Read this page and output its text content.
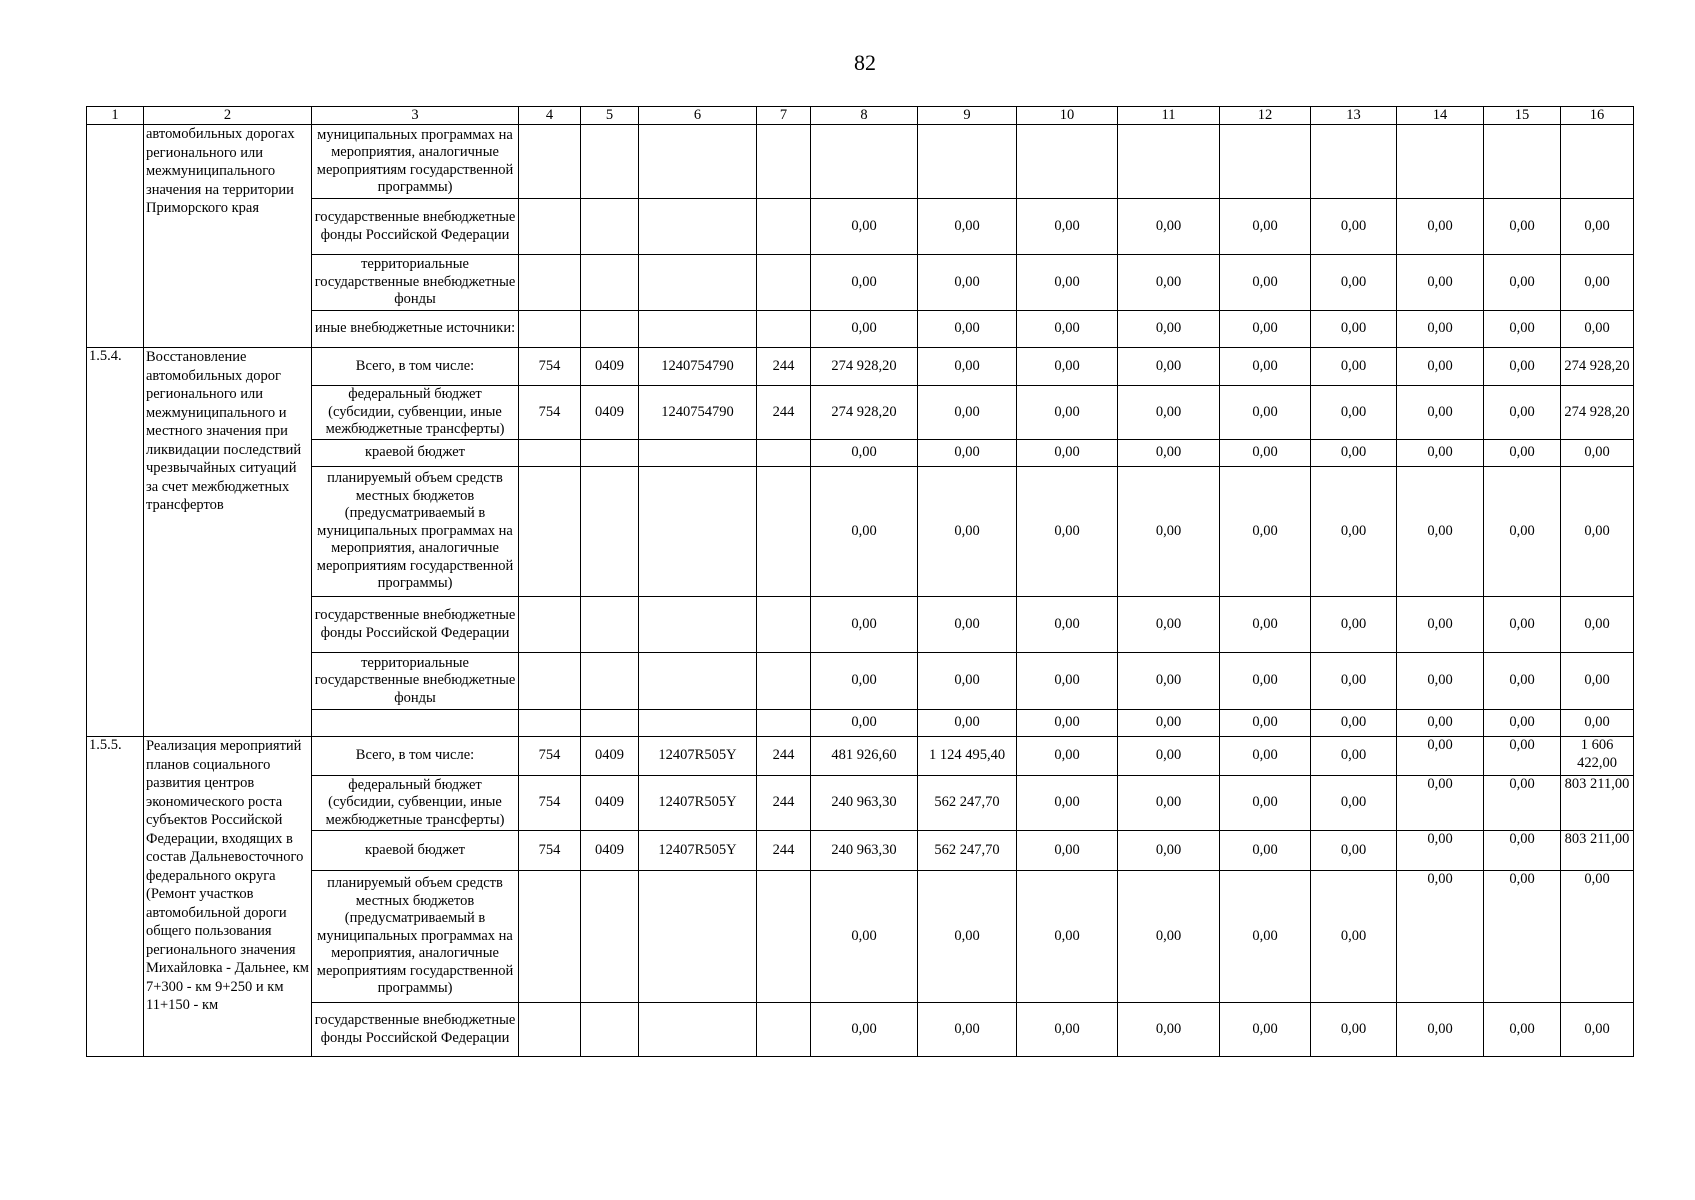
82
1	2	3	4	5	6	7	8	9	10	11	12	13	14	15	16
	автомобильных дорогах регионального или межмуниципального значения на территории Приморского края	муниципальных программах на мероприятия, аналогичные мероприятиям государственной программы)													
		государственные внебюджетные фонды Российской Федерации					0,00	0,00	0,00	0,00	0,00	0,00	0,00	0,00	0,00
		территориальные государственные внебюджетные фонды					0,00	0,00	0,00	0,00	0,00	0,00	0,00	0,00	0,00
		иные внебюджетные источники:					0,00	0,00	0,00	0,00	0,00	0,00	0,00	0,00	0,00
1.5.4.	Восстановление автомобильных дорог регионального или межмуниципального и местного значения при ликвидации последствий чрезвычайных ситуаций за счет межбюджетных трансфертов	Всего, в том числе:	754	0409	1240754790	244	274 928,20	0,00	0,00	0,00	0,00	0,00	0,00	0,00	274 928,20
		федеральный бюджет (субсидии, субвенции, иные межбюджетные трансферты)	754	0409	1240754790	244	274 928,20	0,00	0,00	0,00	0,00	0,00	0,00	0,00	274 928,20
		краевой бюджет					0,00	0,00	0,00	0,00	0,00	0,00	0,00	0,00	0,00
		планируемый объем средств местных бюджетов (предусматриваемый в муниципальных программах на мероприятия, аналогичные мероприятиям государственной программы)					0,00	0,00	0,00	0,00	0,00	0,00	0,00	0,00	0,00
		государственные внебюджетные фонды Российской Федерации					0,00	0,00	0,00	0,00	0,00	0,00	0,00	0,00	0,00
		территориальные государственные внебюджетные фонды					0,00	0,00	0,00	0,00	0,00	0,00	0,00	0,00	0,00
							0,00	0,00	0,00	0,00	0,00	0,00	0,00	0,00	0,00
1.5.5.	Реализация мероприятий планов социального развития центров экономического роста субъектов Российской Федерации, входящих в состав Дальневосточного федерального округа (Ремонт участков автомобильной дороги общего пользования регионального значения Михайловка - Дальнее, км 7+300 - км 9+250 и км 11+150 - км	Всего, в том числе:	754	0409	12407R505Y	244	481 926,60	1 124 495,40	0,00	0,00	0,00	0,00	0,00	0,00	1 606 422,00
		федеральный бюджет (субсидии, субвенции, иные межбюджетные трансферты)	754	0409	12407R505Y	244	240 963,30	562 247,70	0,00	0,00	0,00	0,00	0,00	0,00	803 211,00
		краевой бюджет	754	0409	12407R505Y	244	240 963,30	562 247,70	0,00	0,00	0,00	0,00	0,00	0,00	803 211,00
		планируемый объем средств местных бюджетов (предусматриваемый в муниципальных программах на мероприятия, аналогичные мероприятиям государственной программы)					0,00	0,00	0,00	0,00	0,00	0,00	0,00	0,00	0,00
		государственные внебюджетные фонды Российской Федерации					0,00	0,00	0,00	0,00	0,00	0,00	0,00	0,00	0,00
